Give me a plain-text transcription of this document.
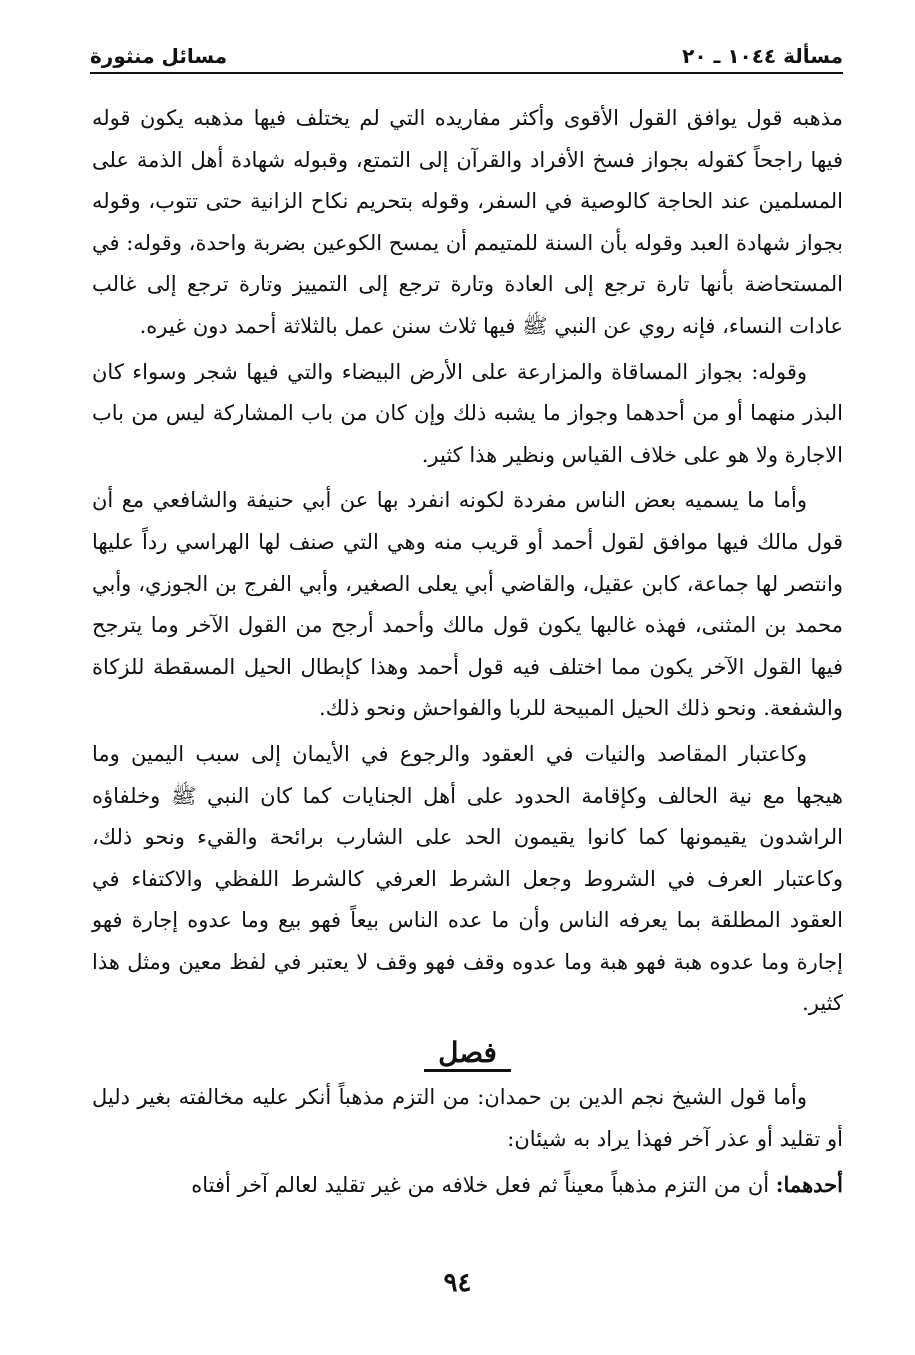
مسألة ١٠٤٤ ـ ٢٠
مسائل منثورة

مذهبه قول يوافق القول الأقوى وأكثر مفاريده التي لم يختلف فيها مذهبه يكون قوله فيها راجحاً كقوله بجواز فسخ الأفراد والقرآن إلى التمتع، وقبوله شهادة أهل الذمة على المسلمين عند الحاجة كالوصية في السفر، وقوله بتحريم نكاح الزانية حتى تتوب، وقوله بجواز شهادة العبد وقوله بأن السنة للمتيمم أن يمسح الكوعين بضربة واحدة، وقوله: في المستحاضة بأنها تارة ترجع إلى العادة وتارة ترجع إلى التمييز وتارة ترجع إلى غالب عادات النساء، فإنه روي عن النبي ﷺ فيها ثلاث سنن عمل بالثلاثة أحمد دون غيره.

وقوله: بجواز المساقاة والمزارعة على الأرض البيضاء والتي فيها شجر وسواء كان البذر منهما أو من أحدهما وجواز ما يشبه ذلك وإن كان من باب المشاركة ليس من باب الاجارة ولا هو على خلاف القياس ونظير هذا كثير.

وأما ما يسميه بعض الناس مفردة لكونه انفرد بها عن أبي حنيفة والشافعي مع أن قول مالك فيها موافق لقول أحمد أو قريب منه وهي التي صنف لها الهراسي رداً عليها وانتصر لها جماعة، كابن عقيل، والقاضي أبي يعلى الصغير، وأبي الفرج بن الجوزي، وأبي محمد بن المثنى، فهذه غالبها يكون قول مالك وأحمد أرجح من القول الآخر وما يترجح فيها القول الآخر يكون مما اختلف فيه قول أحمد وهذا كإبطال الحيل المسقطة للزكاة والشفعة. ونحو ذلك الحيل المبيحة للربا والفواحش ونحو ذلك.

وكاعتبار المقاصد والنيات في العقود والرجوع في الأيمان إلى سبب اليمين وما هيجها مع نية الحالف وكإقامة الحدود على أهل الجنايات كما كان النبي ﷺ وخلفاؤه الراشدون يقيمونها كما كانوا يقيمون الحد على الشارب برائحة والقيء ونحو ذلك، وكاعتبار العرف في الشروط وجعل الشرط العرفي كالشرط اللفظي والاكتفاء في العقود المطلقة بما يعرفه الناس وأن ما عده الناس بيعاً فهو بيع وما عدوه إجارة فهو إجارة وما عدوه هبة فهو هبة وما عدوه وقف فهو وقف لا يعتبر في لفظ معين ومثل هذا كثير.

فصل

وأما قول الشيخ نجم الدين بن حمدان: من التزم مذهباً أنكر عليه مخالفته بغير دليل أو تقليد أو عذر آخر فهذا يراد به شيئان:

أحدهما: أن من التزم مذهباً معيناً ثم فعل خلافه من غير تقليد لعالم آخر أفتاه

٩٤
